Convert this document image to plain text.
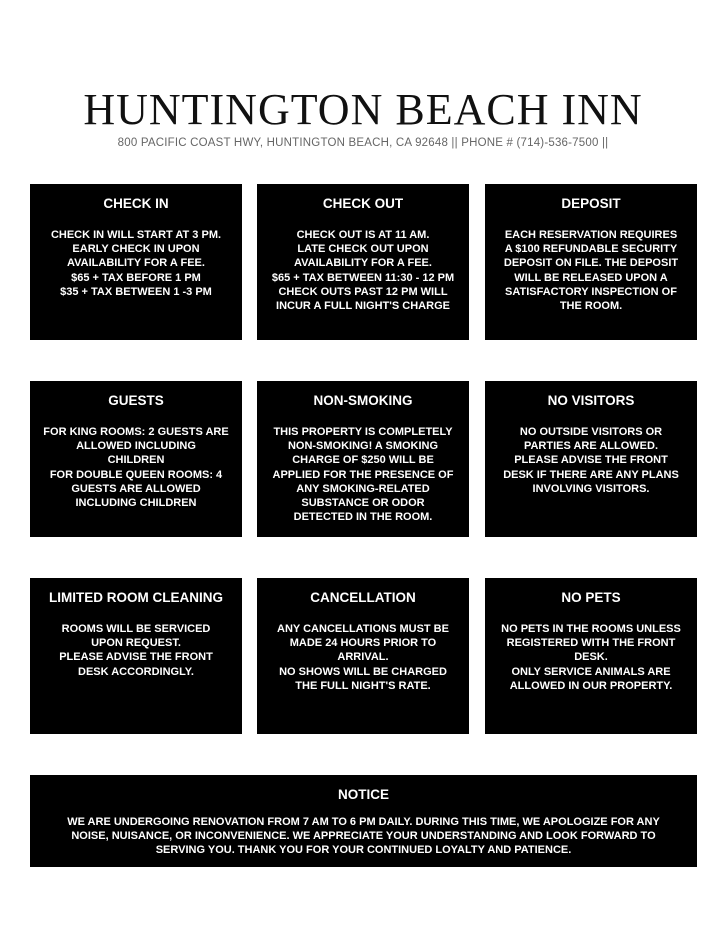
HUNTINGTON BEACH INN
800 PACIFIC COAST HWY, HUNTINGTON BEACH, CA 92648 || PHONE # (714)-536-7500 ||
CHECK IN
CHECK IN WILL START AT 3 PM.
EARLY CHECK IN UPON
AVAILABILITY FOR A FEE.
$65 + TAX BEFORE 1 PM
$35 + TAX BETWEEN 1 -3 PM
CHECK OUT
CHECK OUT IS AT 11 AM.
LATE CHECK OUT UPON
AVAILABILITY FOR A FEE.
$65 + TAX BETWEEN 11:30 - 12 PM
CHECK OUTS PAST 12 PM WILL
INCUR A FULL NIGHT'S CHARGE
DEPOSIT
EACH RESERVATION REQUIRES
A $100 REFUNDABLE SECURITY
DEPOSIT ON FILE. THE DEPOSIT
WILL BE RELEASED UPON A
SATISFACTORY INSPECTION OF
THE ROOM.
GUESTS
FOR KING ROOMS: 2 GUESTS ARE
ALLOWED INCLUDING
CHILDREN
FOR DOUBLE QUEEN ROOMS: 4
GUESTS ARE ALLOWED
INCLUDING CHILDREN
NON-SMOKING
THIS PROPERTY IS COMPLETELY
NON-SMOKING! A SMOKING
CHARGE OF $250 WILL BE
APPLIED FOR THE PRESENCE OF
ANY SMOKING-RELATED
SUBSTANCE OR ODOR
DETECTED IN THE ROOM.
NO VISITORS
NO OUTSIDE VISITORS OR
PARTIES ARE ALLOWED.
PLEASE ADVISE THE FRONT
DESK IF THERE ARE ANY PLANS
INVOLVING VISITORS.
LIMITED ROOM CLEANING
ROOMS WILL BE SERVICED
UPON REQUEST.
PLEASE ADVISE THE FRONT
DESK ACCORDINGLY.
CANCELLATION
ANY CANCELLATIONS MUST BE
MADE 24 HOURS PRIOR TO
ARRIVAL.
NO SHOWS WILL BE CHARGED
THE FULL NIGHT'S RATE.
NO PETS
NO PETS IN THE ROOMS UNLESS
REGISTERED WITH THE FRONT
DESK.
ONLY SERVICE ANIMALS ARE
ALLOWED IN OUR PROPERTY.
NOTICE
WE ARE UNDERGOING RENOVATION FROM 7 AM TO 6 PM DAILY. DURING THIS TIME, WE APOLOGIZE FOR ANY
NOISE, NUISANCE, OR INCONVENIENCE. WE APPRECIATE YOUR UNDERSTANDING AND LOOK FORWARD TO
SERVING YOU. THANK YOU FOR YOUR CONTINUED LOYALTY AND PATIENCE.
